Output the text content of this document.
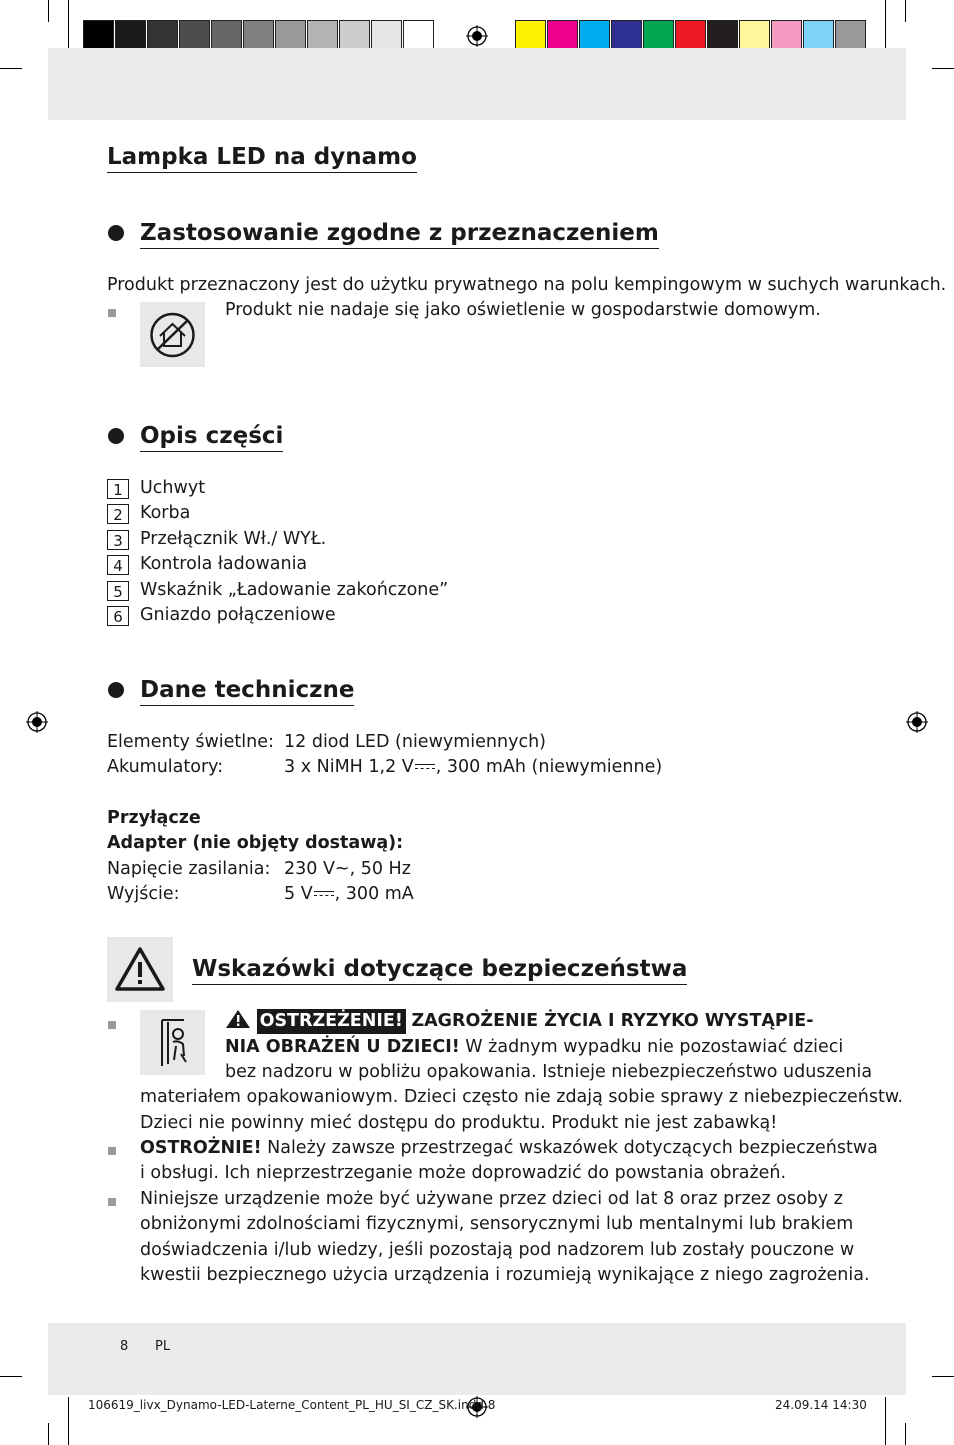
Lampka LED na dynamo
Zastosowanie zgodne z przeznaczeniem
Produkt przeznaczony jest do użytku prywatnego na polu kempingowym w suchych warunkach.
Produkt nie nadaje się jako oświetlenie w gospodarstwie domowym.
Opis części
1 Uchwyt
2 Korba
3 Przełącznik Wł./ WYŁ.
4 Kontrola ładowania
5 Wskaźnik „Ładowanie zakończone”
6 Gniazdo połączeniowe
Dane techniczne
Elementy świetlne: 12 diod LED (niewymiennych)
Akumulatory:	3 x NiMH 1,2 V , 300 mAh (niewymienne)
Przyłącze
Adapter (nie objęty dostawą):
Napięcie zasilania: 230 V~, 50 Hz
Wyjście:	5 V , 300 mA
Wskazówki dotyczące bezpieczeństwa
OSTRZEŻENIE! ZAGROŻENIE ŻYCIA I RYZYKO WYSTĄPIE-
NIA OBRAŻEŃ U DZIECI! W żadnym wypadku nie pozostawiać dzieci
bez nadzoru w pobliżu opakowania. Istnieje niebezpieczeństwo uduszenia
materiałem opakowaniowym. Dzieci często nie zdają sobie sprawy z niebezpieczeństw.
Dzieci nie powinny mieć dostępu do produktu. Produkt nie jest zabawką!
OSTROŻNIE! Należy zawsze przestrzegać wskazówek dotyczących bezpieczeństwa
i obsługi. Ich nieprzestrzeganie może doprowadzić do powstania obrażeń.
Niniejsze urządzenie może być używane przez dzieci od lat 8 oraz przez osoby z
obniżonymi zdolnościami fizycznymi, sensorycznymi lub mentalnymi lub brakiem
doświadczenia i/lub wiedzy, jeśli pozostają pod nadzorem lub zostały pouczone w
kwestii bezpiecznego użycia urządzenia i rozumieją wynikające z niego zagrożenia.
8 PL
106619_livx_Dynamo-LED-Laterne_Content_PL_HU_SI_CZ_SK.indd 8	24.09.14 14:30
